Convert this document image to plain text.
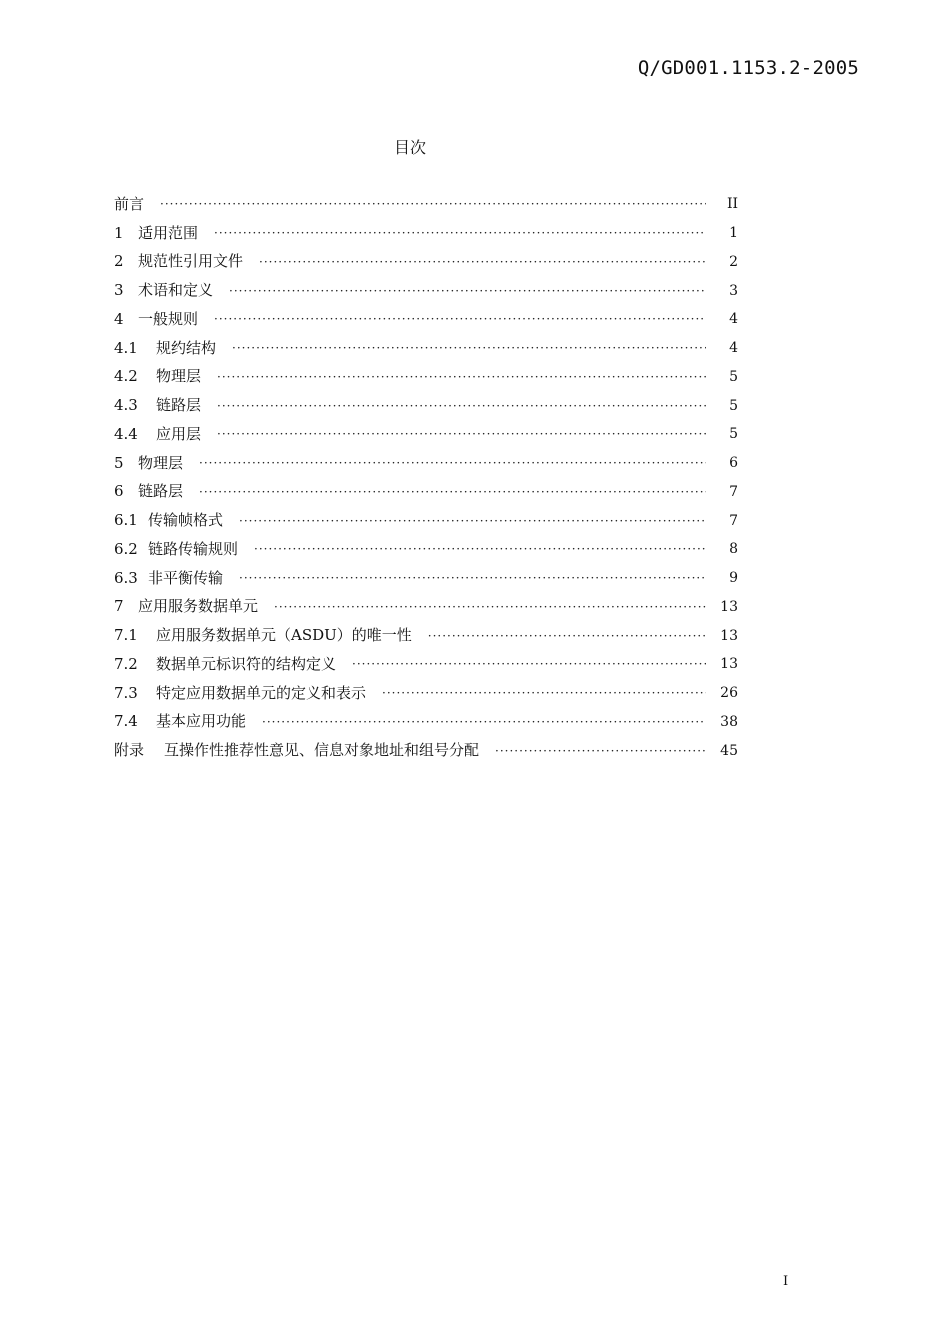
Q/GD001.1153.2-2005
目次
前言 ·····	II
1 适用范围 ·····	1
2 规范性引用文件 ·····	2
3 术语和定义 ·····	3
4 一般规则 ·····	4
4.1	规约结构 ·····	4
4.2	物理层 ·····	5
4.3	链路层 ·····	5
4.4	应用层 ·····	5
5 物理层 ·····	6
6 链路层 ·····	7
6.1 传输帧格式 ·····	7
6.2 链路传输规则 ·····	8
6.3 非平衡传输 ·····	9
7 应用服务数据单元 ·····	13
7.1	应用服务数据单元（ASDU）的唯一性 ·····	13
7.2	数据单元标识符的结构定义 ·····	13
7.3	特定应用数据单元的定义和表示 ·····	26
7.4	基本应用功能 ·····	38
附录	互操作性推荐性意见、信息对象地址和组号分配 ·····	45
I
